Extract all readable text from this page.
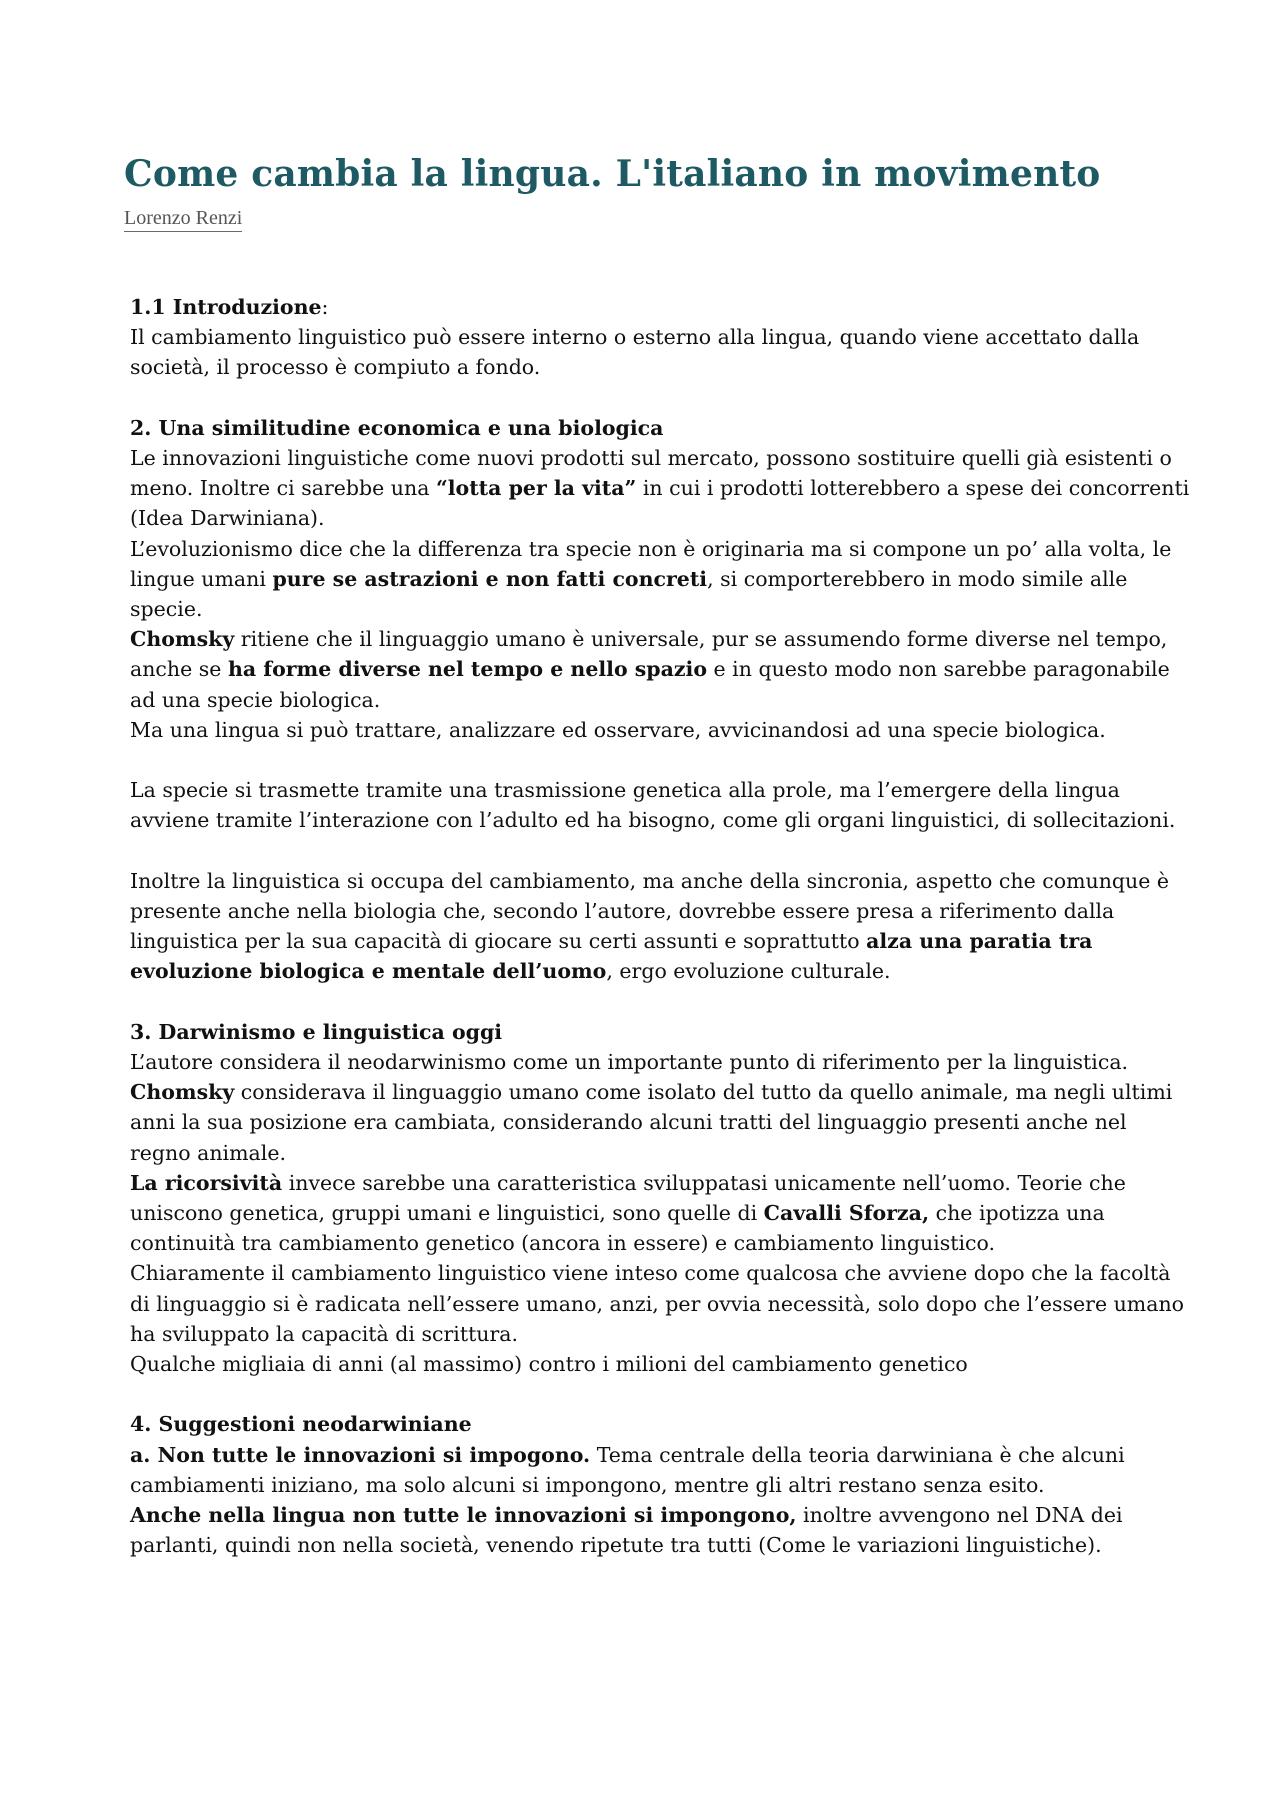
Come cambia la lingua. L'italiano in movimento
Lorenzo Renzi

1.1 Introduzione:

Il cambiamento linguistico può essere interno o esterno alla lingua, quando viene accettato dalla società, il processo è compiuto a fondo.

2. Una similitudine economica e una biologica

Le innovazioni linguistiche come nuovi prodotti sul mercato, possono sostituire quelli già esistenti o meno. Inoltre ci sarebbe una “lotta per la vita” in cui i prodotti lotterebbero a spese dei concorrenti (Idea Darwiniana).

L’evoluzionismo dice che la differenza tra specie non è originaria ma si compone un po’ alla volta, le lingue umani pure se astrazioni e non fatti concreti, si comporterebbero in modo simile alle specie.

Chomsky ritiene che il linguaggio umano è universale, pur se assumendo forme diverse nel tempo, anche se ha forme diverse nel tempo e nello spazio e in questo modo non sarebbe paragonabile ad una specie biologica.

Ma una lingua si può trattare, analizzare ed osservare, avvicinandosi ad una specie biologica.

La specie si trasmette tramite una trasmissione genetica alla prole, ma l’emergere della lingua avviene tramite l’interazione con l’adulto ed ha bisogno, come gli organi linguistici, di sollecitazioni.

Inoltre la linguistica si occupa del cambiamento, ma anche della sincronia, aspetto che comunque è presente anche nella biologia che, secondo l’autore, dovrebbe essere presa a riferimento dalla linguistica per la sua capacità di giocare su certi assunti e soprattutto alza una paratia tra evoluzione biologica e mentale dell’uomo, ergo evoluzione culturale.

3. Darwinismo e linguistica oggi

L’autore considera il neodarwinismo come un importante punto di riferimento per la linguistica.

Chomsky considerava il linguaggio umano come isolato del tutto da quello animale, ma negli ultimi anni la sua posizione era cambiata, considerando alcuni tratti del linguaggio presenti anche nel regno animale.

La ricorsività invece sarebbe una caratteristica sviluppatasi unicamente nell’uomo. Teorie che uniscono genetica, gruppi umani e linguistici, sono quelle di Cavalli Sforza, che ipotizza una continuità tra cambiamento genetico (ancora in essere) e cambiamento linguistico.

Chiaramente il cambiamento linguistico viene inteso come qualcosa che avviene dopo che la facoltà di linguaggio si è radicata nell’essere umano, anzi, per ovvia necessità, solo dopo che l’essere umano ha sviluppato la capacità di scrittura.

Qualche migliaia di anni (al massimo) contro i milioni del cambiamento genetico

4. Suggestioni neodarwiniane

a. Non tutte le innovazioni si impogono. Tema centrale della teoria darwiniana è che alcuni cambiamenti iniziano, ma solo alcuni si impongono, mentre gli altri restano senza esito.

Anche nella lingua non tutte le innovazioni si impongono, inoltre avvengono nel DNA dei parlanti, quindi non nella società, venendo ripetute tra tutti (Come le variazioni linguistiche).
